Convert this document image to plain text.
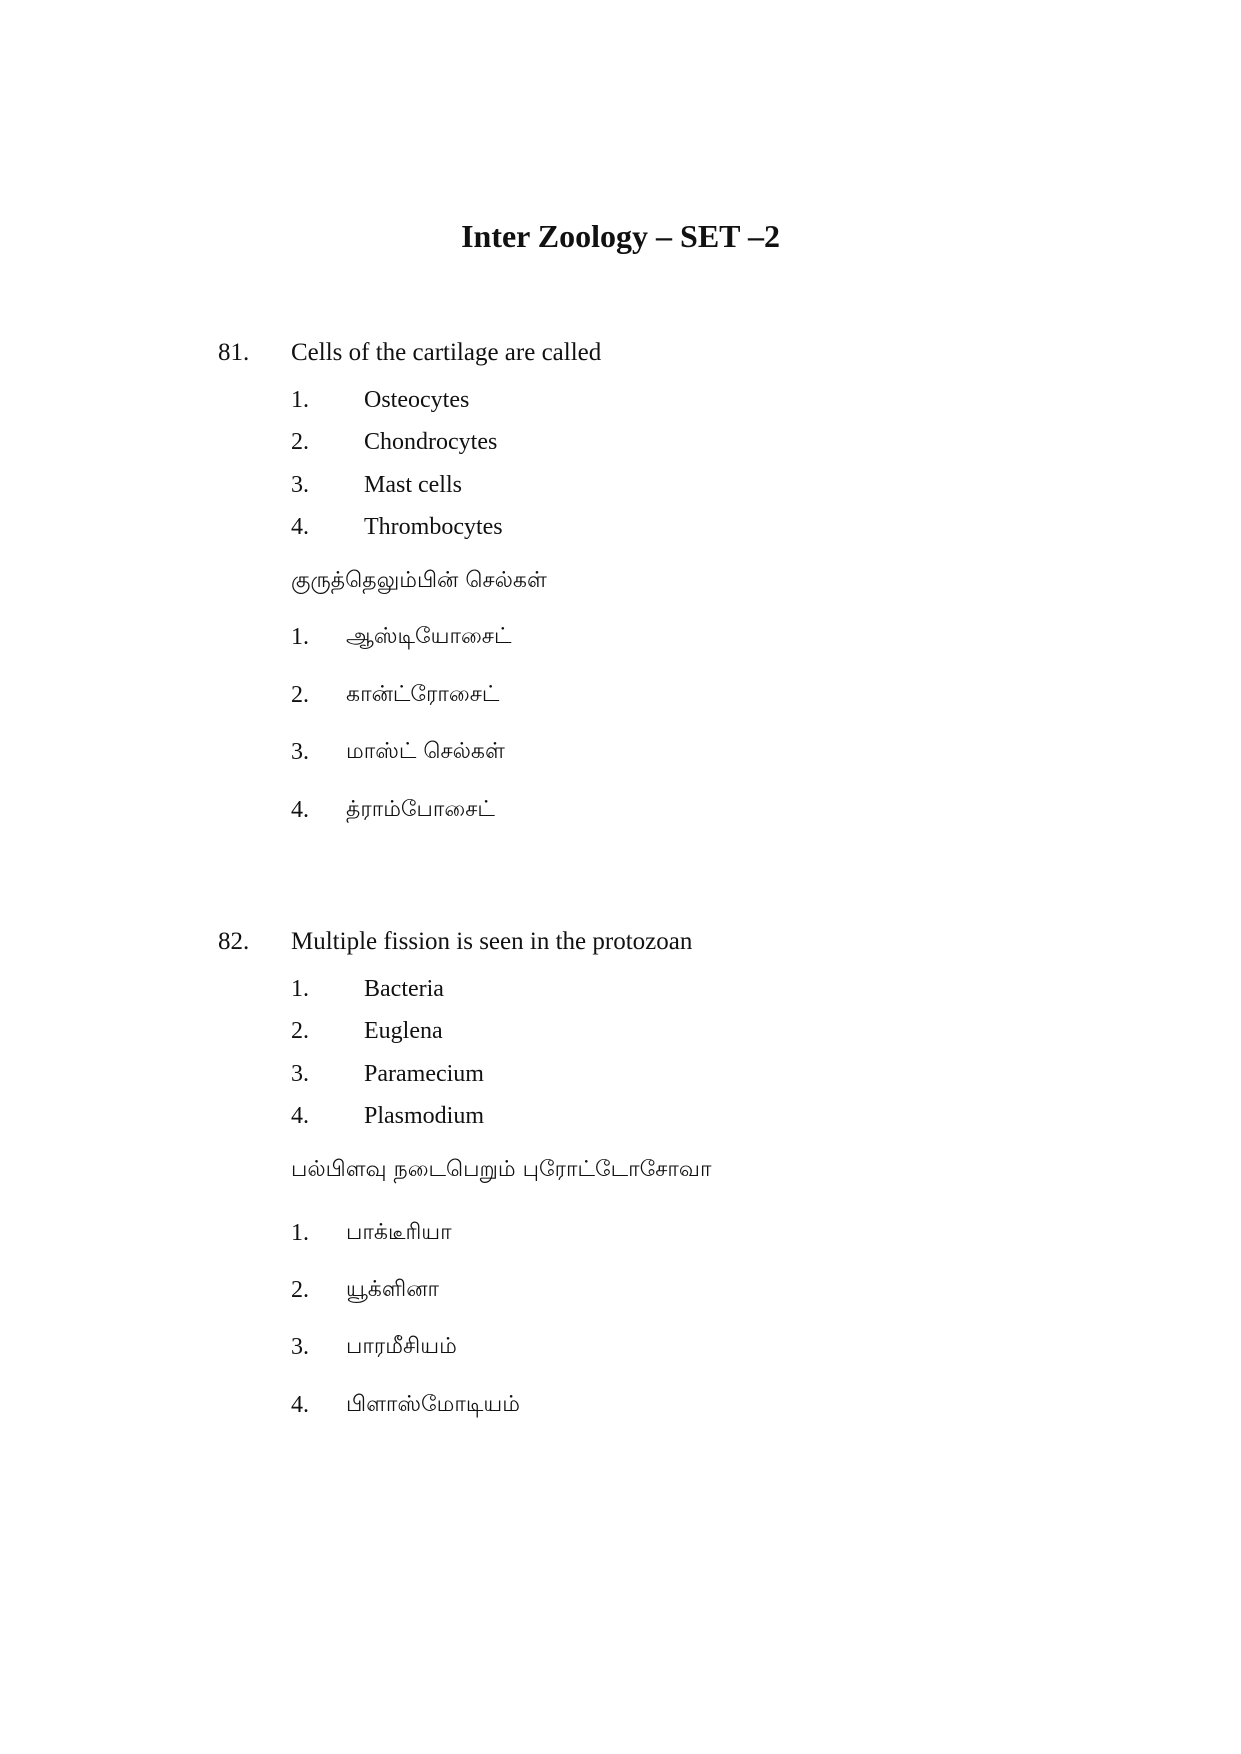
Inter Zoology – SET –2
81. Cells of the cartilage are called
1. Osteocytes
2. Chondrocytes
3. Mast cells
4. Thrombocytes
குருத்தெலும்பின் செல்கள்
1. ஆஸ்டியோசைட்
2. கான்ட்ரோசைட்
3. மாஸ்ட் செல்கள்
4. த்ராம்போசைட்
82. Multiple fission is seen in the protozoan
1. Bacteria
2. Euglena
3. Paramecium
4. Plasmodium
பல்பிளவு நடைபெறும் புரோட்டோசோவா
1. பாக்டீரியா
2. யூக்ளினா
3. பாரமீசியம்
4. பிளாஸ்மோடியம்
